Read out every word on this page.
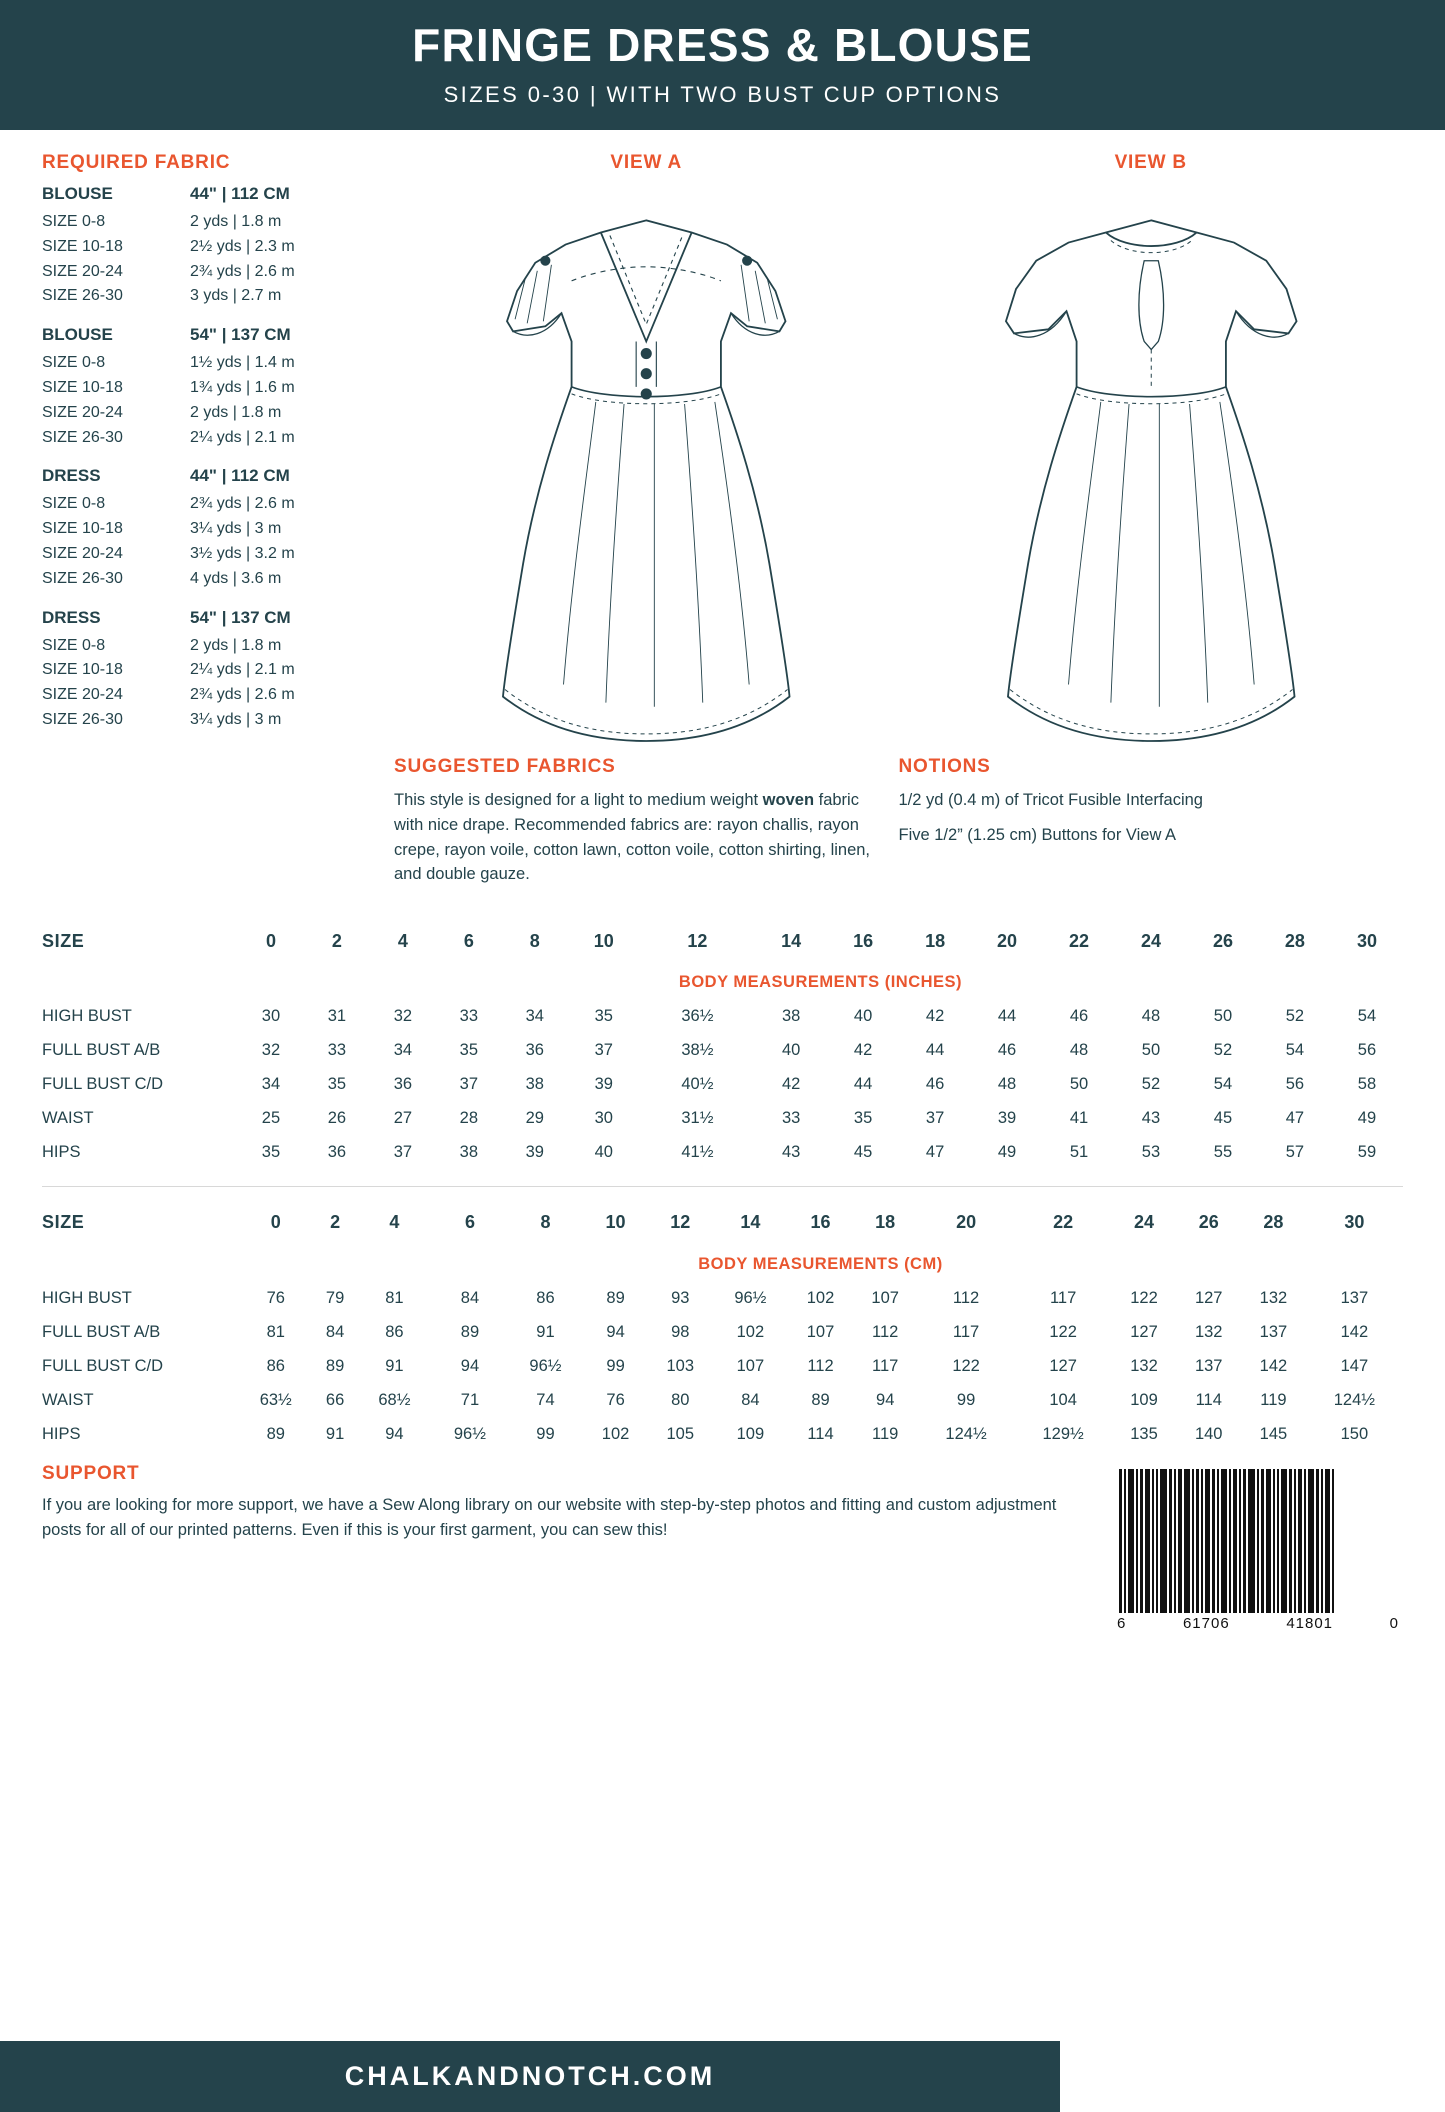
FRINGE DRESS & BLOUSE
SIZES 0-30 | WITH TWO BUST CUP OPTIONS
REQUIRED FABRIC
BLOUSE	44" | 112 CM
SIZE 0-8	2 yds | 1.8 m
SIZE 10-18	2½ yds | 2.3 m
SIZE 20-24	2¾ yds | 2.6 m
SIZE 26-30	3 yds | 2.7 m
BLOUSE	54" | 137 CM
SIZE 0-8	1½ yds | 1.4 m
SIZE 10-18	1¾ yds | 1.6 m
SIZE 20-24	2 yds | 1.8 m
SIZE 26-30	2¼ yds | 2.1 m
DRESS	44" | 112 CM
SIZE 0-8	2¾ yds | 2.6 m
SIZE 10-18	3¼ yds | 3 m
SIZE 20-24	3½ yds | 3.2 m
SIZE 26-30	4 yds | 3.6 m
DRESS	54" | 137 CM
SIZE 0-8	2 yds | 1.8 m
SIZE 10-18	2¼ yds | 2.1 m
SIZE 20-24	2¾ yds | 2.6 m
SIZE 26-30	3¼ yds | 3 m
VIEW A	VIEW B
SUGGESTED FABRICS

This style is designed for a light to medium weight woven fabric with nice drape. Recommended fabrics are: rayon challis, rayon crepe, rayon voile, cotton lawn, cotton voile, cotton shirting, linen, and double gauze.

NOTIONS

1/2 yd (0.4 m) of Tricot Fusible Interfacing

Five 1/2” (1.25 cm) Buttons for View A

SIZE	0	2	4	6	8	10	12	14	16	18	20	22	24	26	28	30
	BODY MEASUREMENTS (INCHES)															
HIGH BUST	30	31	32	33	34	35	36½	38	40	42	44	46	48	50	52	54
FULL BUST A/B	32	33	34	35	36	37	38½	40	42	44	46	48	50	52	54	56
FULL BUST C/D	34	35	36	37	38	39	40½	42	44	46	48	50	52	54	56	58
WAIST	25	26	27	28	29	30	31½	33	35	37	39	41	43	45	47	49
HIPS	35	36	37	38	39	40	41½	43	45	47	49	51	53	55	57	59
SIZE	0	2	4	6	8	10	12	14	16	18	20	22	24	26	28	30
	BODY MEASUREMENTS (CM)															
HIGH BUST	76	79	81	84	86	89	93	96½	102	107	112	117	122	127	132	137
FULL BUST A/B	81	84	86	89	91	94	98	102	107	112	117	122	127	132	137	142
FULL BUST C/D	86	89	91	94	96½	99	103	107	112	117	122	127	132	137	142	147
WAIST	63½	66	68½	71	74	76	80	84	89	94	99	104	109	114	119	124½
HIPS	89	91	94	96½	99	102	105	109	114	119	124½	129½	135	140	145	150
SUPPORT

If you are looking for more support, we have a Sew Along library on our website with step-by-step photos and fitting and custom adjustment posts for all of our printed patterns. Even if this is your first garment, you can sew this!

6	61706	41801	0
CHALKANDNOTCH.COM
